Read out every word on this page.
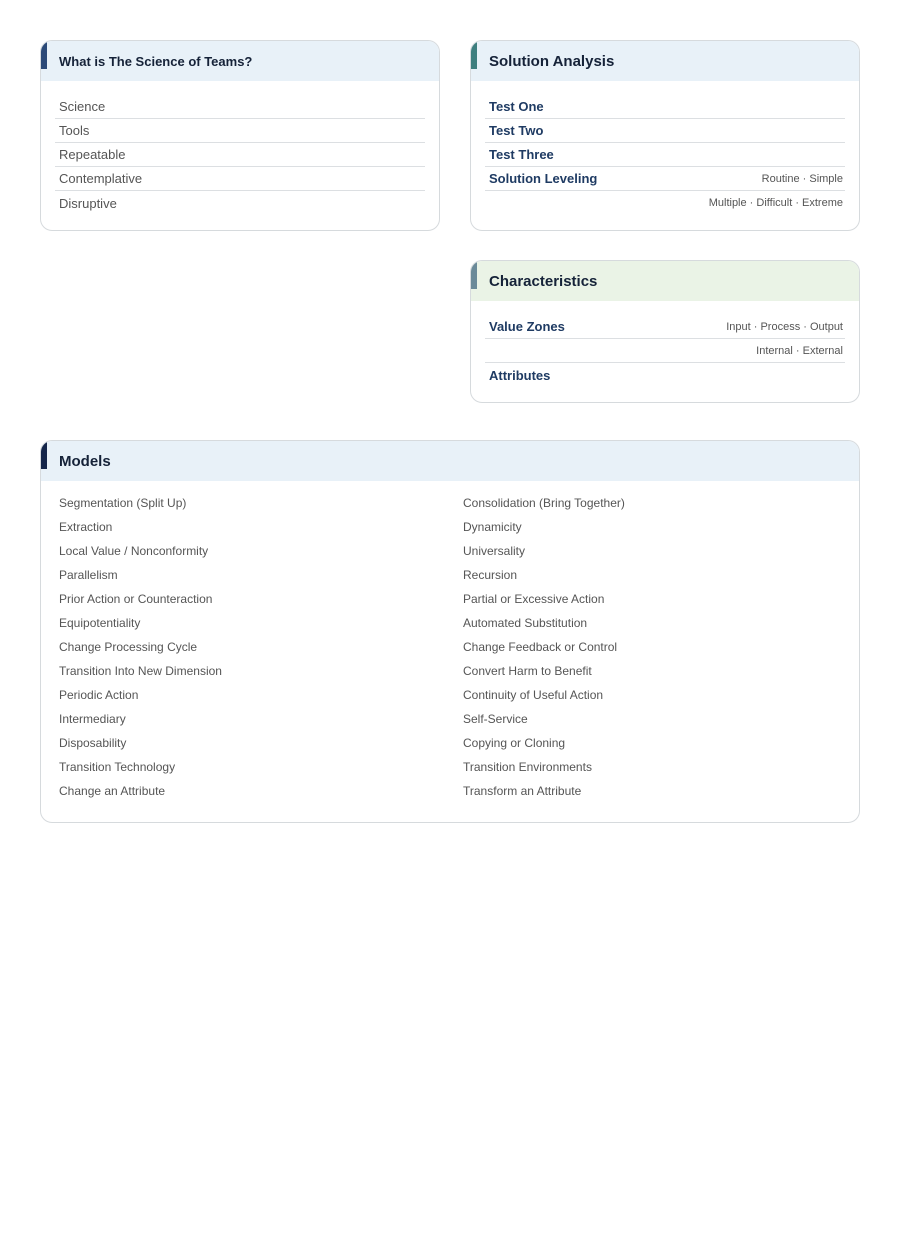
What is The Science of Teams?
Science
Tools
Repeatable
Contemplative
Disruptive
Solution Analysis
Test One
Test Two
Test Three
Solution Leveling	Routine · Simple
Multiple · Difficult · Extreme
Characteristics
Value Zones	Input · Process · Output
Internal · External
Attributes
Models
Segmentation (Split Up)
Extraction
Local Value / Nonconformity
Parallelism
Prior Action or Counteraction
Equipotentiality
Change Processing Cycle
Transition Into New Dimension
Periodic Action
Intermediary
Disposability
Transition Technology
Change an Attribute
Consolidation (Bring Together)
Dynamicity
Universality
Recursion
Partial or Excessive Action
Automated Substitution
Change Feedback or Control
Convert Harm to Benefit
Continuity of Useful Action
Self-Service
Copying or Cloning
Transition Environments
Transform an Attribute
